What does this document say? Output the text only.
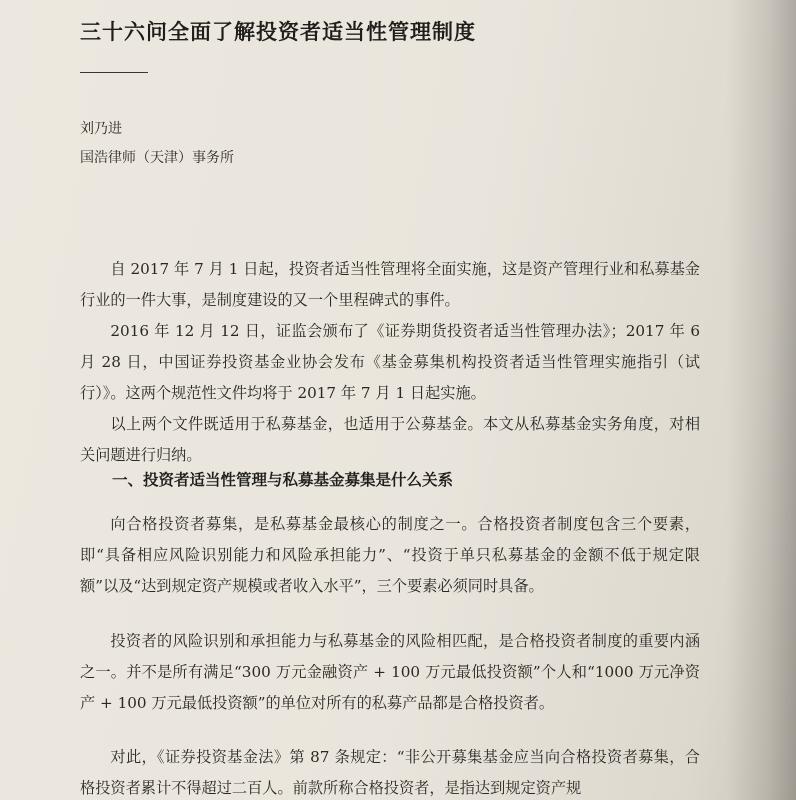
三十六问全面了解投资者适当性管理制度
刘乃进
国浩律师（天津）事务所
自 2017 年 7 月 1 日起，投资者适当性管理将全面实施，这是资产管理行业和私募基金行业的一件大事，是制度建设的又一个里程碑式的事件。
2016 年 12 月 12 日，证监会颁布了《证券期货投资者适当性管理办法》；2017 年 6 月 28 日，中国证券投资基金业协会发布《基金募集机构投资者适当性管理实施指引（试行）》。这两个规范性文件均将于 2017 年 7 月 1 日起实施。
以上两个文件既适用于私募基金，也适用于公募基金。本文从私募基金实务角度，对相关问题进行归纳。
一、投资者适当性管理与私募基金募集是什么关系
向合格投资者募集，是私募基金最核心的制度之一。合格投资者制度包含三个要素，即“具备相应风险识别能力和风险承担能力”、“投资于单只私募基金的金额不低于规定限额”以及“达到规定资产规模或者收入水平”，三个要素必须同时具备。
投资者的风险识别和承担能力与私募基金的风险相匹配，是合格投资者制度的重要内涵之一。并不是所有满足“300 万元金融资产 + 100 万元最低投资额”个人和“1000 万元净资产 + 100 万元最低投资额”的单位对所有的私募产品都是合格投资者。
对此，《证券投资基金法》第 87 条规定：“非公开募集基金应当向合格投资者募集，合格投资者累计不得超过二百人。前款所称合格投资者，是指达到规定资产规
